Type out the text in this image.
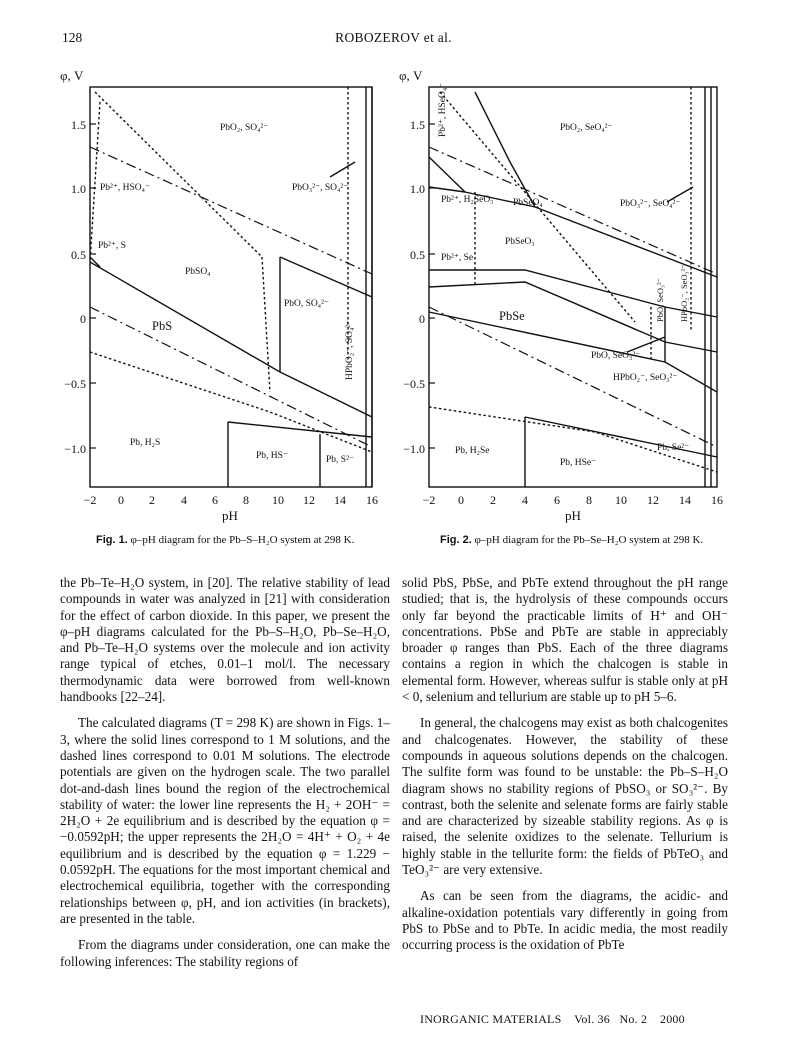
128	ROBOZEROV et al.
φ, V
1.5
1.0
0.5
0
−0.5
−1.0
−2 0 2 4 6 8 10 12 14 16
pH
PbO₂, SO₄²⁻
Pb²⁺, HSO₄⁻	PbO₃²⁻, SO₄²⁻
Pb²⁺, S
PbSO₄
PbS
PbO, SO₄²⁻
HPbO₂⁻, SO₄²⁻
Pb, H₂S
Pb, HS⁻	Pb, S²⁻
φ, V
1.5
1.0
0.5
0
−0.5
−1.0
−2 0 2 4 6 8 10 12 14 16
pH
PbO₂, SeO₄²⁻
Pb²⁺, HSeO₄⁻
Pb²⁺, H₂SeO₃ PbSeO₄	PbO₃²⁻, SeO₄²⁻
PbSeO₃
Pb²⁺, Se
PbO, SeO₃²⁻ HPbO₂⁻, SeO₃²⁻
PbSe
PbO, SeO₃²⁻
HPbO₂⁻, SeO₃²⁻
Pb, H₂Se
Pb, HSe⁻
Pb, Se²⁻
Fig. 1. φ–pH diagram for the Pb–S–H₂O system at 298 K.	Fig. 2. φ–pH diagram for the Pb–Se–H₂O system at 298 K.

the Pb–Te–H₂O system, in [20]. The relative stability of lead compounds in water was analyzed in [21] with consideration for the effect of carbon dioxide. In this paper, we present the φ–pH diagrams calculated for the Pb–S–H₂O, Pb–Se–H₂O, and Pb–Te–H₂O systems over the molecule and ion activity range typical of etches, 0.01–1 mol/l. The necessary thermodynamic data were borrowed from well-known handbooks [22–24].

The calculated diagrams (T = 298 K) are shown in Figs. 1–3, where the solid lines correspond to 1 M solutions, and the dashed lines correspond to 0.01 M solutions. The electrode potentials are given on the hydrogen scale. The two parallel dot-and-dash lines bound the region of the electrochemical stability of water: the lower line represents the H₂ + 2OH⁻ = 2H₂O + 2e equilibrium and is described by the equation φ = −0.0592pH; the upper represents the 2H₂O = 4H⁺ + O₂ + 4e equilibrium and is described by the equation φ = 1.229 − 0.0592pH. The equations for the most important chemical and electrochemical equilibria, together with the corresponding relationships between φ, pH, and ion activities (in brackets), are presented in the table.

From the diagrams under consideration, one can make the following inferences: The stability regions of

solid PbS, PbSe, and PbTe extend throughout the pH range studied; that is, the hydrolysis of these compounds occurs only far beyond the practicable limits of H⁺ and OH⁻ concentrations. PbSe and PbTe are stable in appreciably broader φ ranges than PbS. Each of the three diagrams contains a region in which the chalcogen is stable in elemental form. However, whereas sulfur is stable only at pH < 0, selenium and tellurium are stable up to pH 5–6.

In general, the chalcogens may exist as both chalcogenites and chalcogenates. However, the stability of these compounds in aqueous solutions depends on the chalcogen. The sulfite form was found to be unstable: the Pb–S–H₂O diagram shows no stability regions of PbSO₃ or SO₃²⁻. By contrast, both the selenite and selenate forms are fairly stable and are characterized by sizeable stability regions. As φ is raised, the selenite oxidizes to the selenate. Tellurium is highly stable in the tellurite form: the fields of PbTeO₃ and TeO₃²⁻ are very extensive.

As can be seen from the diagrams, the acidic- and alkaline-oxidation potentials vary differently in going from PbS to PbSe and to PbTe. In acidic media, the most readily occurring process is the oxidation of PbTe

INORGANIC MATERIALS Vol. 36 No. 2 2000
